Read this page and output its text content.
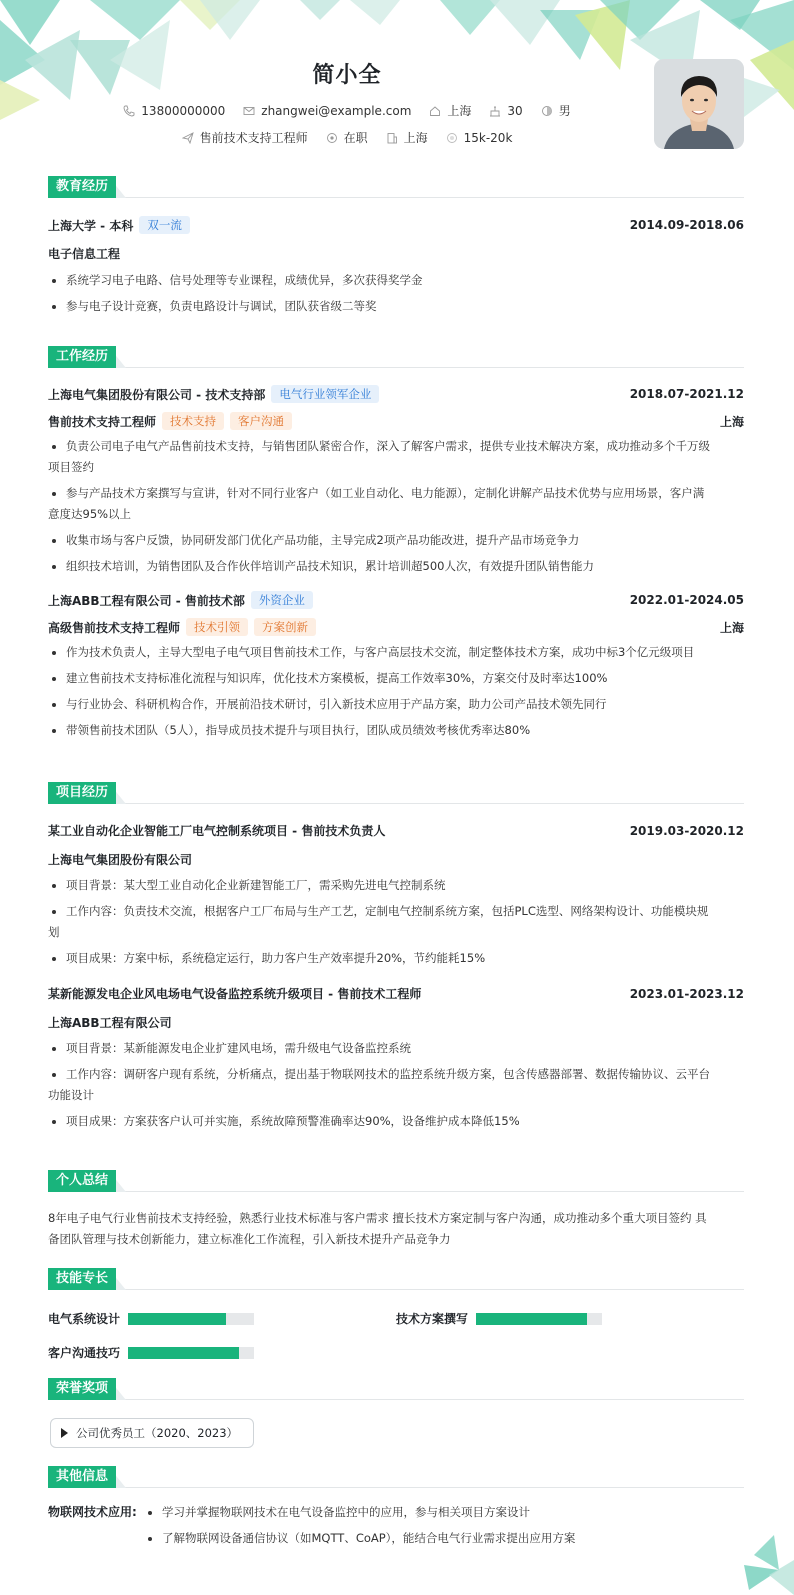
简小全
13800000000	zhangwei@example.com	上海	30	男
售前技术支持工程师	在职	上海	15k-20k
教育经历
上海大学 - 本科	双一流	2014.09-2018.06
电子信息工程
系统学习电子电路、信号处理等专业课程，成绩优异，多次获得奖学金
参与电子设计竞赛，负责电路设计与调试，团队获省级二等奖
工作经历
上海电气集团股份有限公司 - 技术支持部	电气行业领军企业	2018.07-2021.12
售前技术支持工程师	技术支持	客户沟通	上海
负责公司电子电气产品售前技术支持，与销售团队紧密合作，深入了解客户需求，提供专业技术解决方案，成功推动多个千万级
项目签约
参与产品技术方案撰写与宣讲，针对不同行业客户（如工业自动化、电力能源），定制化讲解产品技术优势与应用场景，客户满
意度达95%以上
收集市场与客户反馈，协同研发部门优化产品功能，主导完成2项产品功能改进，提升产品市场竞争力
组织技术培训，为销售团队及合作伙伴培训产品技术知识，累计培训超500人次，有效提升团队销售能力
上海ABB工程有限公司 - 售前技术部	外资企业	2022.01-2024.05
高级售前技术支持工程师	技术引领	方案创新	上海
作为技术负责人，主导大型电子电气项目售前技术工作，与客户高层技术交流，制定整体技术方案，成功中标3个亿元级项目
建立售前技术支持标准化流程与知识库，优化技术方案模板，提高工作效率30%，方案交付及时率达100%
与行业协会、科研机构合作，开展前沿技术研讨，引入新技术应用于产品方案，助力公司产品技术领先同行
带领售前技术团队（5人），指导成员技术提升与项目执行，团队成员绩效考核优秀率达80%
项目经历
某工业自动化企业智能工厂电气控制系统项目 - 售前技术负责人	2019.03-2020.12
上海电气集团股份有限公司
项目背景：某大型工业自动化企业新建智能工厂，需采购先进电气控制系统
工作内容：负责技术交流，根据客户工厂布局与生产工艺，定制电气控制系统方案，包括PLC选型、网络架构设计、功能模块规
划
项目成果：方案中标，系统稳定运行，助力客户生产效率提升20%，节约能耗15%
某新能源发电企业风电场电气设备监控系统升级项目 - 售前技术工程师	2023.01-2023.12
上海ABB工程有限公司
项目背景：某新能源发电企业扩建风电场，需升级电气设备监控系统
工作内容：调研客户现有系统，分析痛点，提出基于物联网技术的监控系统升级方案，包含传感器部署、数据传输协议、云平台
功能设计
项目成果：方案获客户认可并实施，系统故障预警准确率达90%，设备维护成本降低15%
个人总结
8年电子电气行业售前技术支持经验，熟悉行业技术标准与客户需求 擅长技术方案定制与客户沟通，成功推动多个重大项目签约 具
备团队管理与技术创新能力，建立标准化工作流程，引入新技术提升产品竞争力
技能专长
电气系统设计	技术方案撰写
客户沟通技巧
荣誉奖项
公司优秀员工（2020、2023）
其他信息
物联网技术应用:	学习并掌握物联网技术在电气设备监控中的应用，参与相关项目方案设计
了解物联网设备通信协议（如MQTT、CoAP），能结合电气行业需求提出应用方案
